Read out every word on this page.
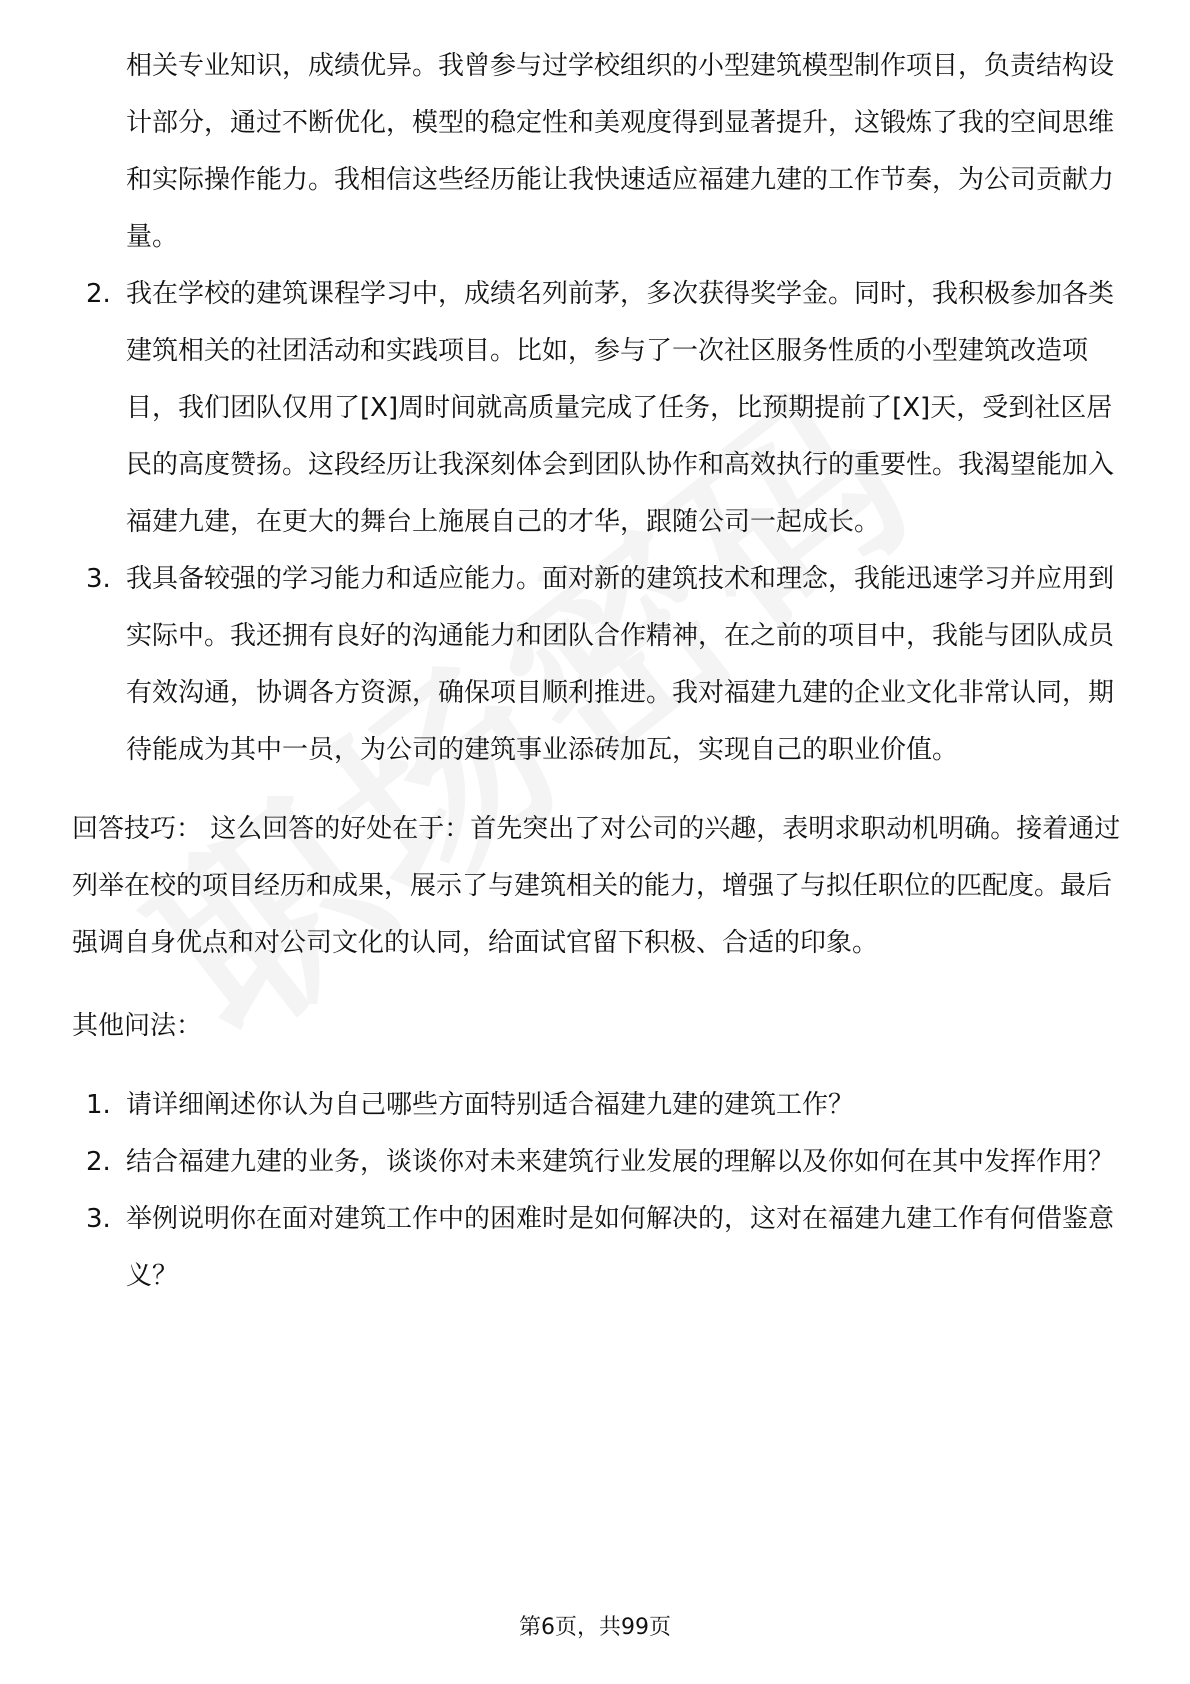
相关专业知识，成绩优异。我曾参与过学校组织的小型建筑模型制作项目，负责结构设计部分，通过不断优化，模型的稳定性和美观度得到显著提升，这锻炼了我的空间思维和实际操作能力。我相信这些经历能让我快速适应福建九建的工作节奏，为公司贡献力量。

2. 我在学校的建筑课程学习中，成绩名列前茅，多次获得奖学金。同时，我积极参加各类建筑相关的社团活动和实践项目。比如，参与了一次社区服务性质的小型建筑改造项目，我们团队仅用了[X]周时间就高质量完成了任务，比预期提前了[X]天，受到社区居民的高度赞扬。这段经历让我深刻体会到团队协作和高效执行的重要性。我渴望能加入福建九建，在更大的舞台上施展自己的才华，跟随公司一起成长。
3. 我具备较强的学习能力和适应能力。面对新的建筑技术和理念，我能迅速学习并应用到实际中。我还拥有良好的沟通能力和团队合作精神，在之前的项目中，我能与团队成员有效沟通，协调各方资源，确保项目顺利推进。我对福建九建的企业文化非常认同，期待能成为其中一员，为公司的建筑事业添砖加瓦，实现自己的职业价值。

回答技巧： 这么回答的好处在于：首先突出了对公司的兴趣，表明求职动机明确。接着通过列举在校的项目经历和成果，展示了与建筑相关的能力，增强了与拟任职位的匹配度。最后强调自身优点和对公司文化的认同，给面试官留下积极、合适的印象。

其他问法：

1. 请详细阐述你认为自己哪些方面特别适合福建九建的建筑工作？
2. 结合福建九建的业务，谈谈你对未来建筑行业发展的理解以及你如何在其中发挥作用？
3. 举例说明你在面对建筑工作中的困难时是如何解决的，这对在福建九建工作有何借鉴意义？
第6页，共99页
